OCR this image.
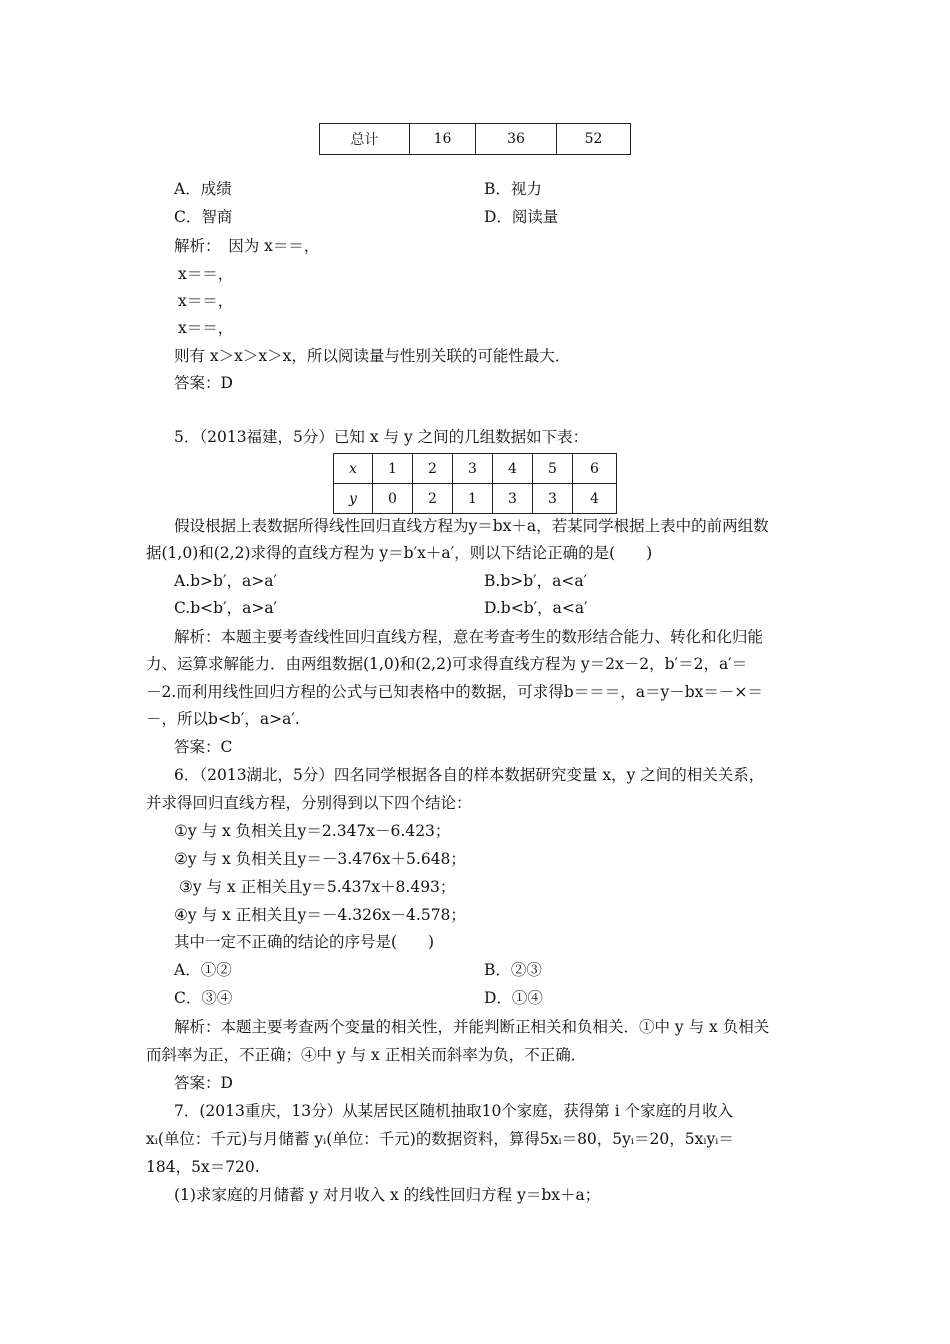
总计	16	36	52
A．成绩	B．视力
C．智商	D．阅读量
解析：　因为 x＝＝，
x＝＝，
x＝＝，
x＝＝，
则有 x＞x＞x＞x，所以阅读量与性别关联的可能性最大．
答案：D
5．（2013福建，5分）已知 x 与 y 之间的几组数据如下表：
x	1	2	3	4	5	6
y	0	2	1	3	3	4
假设根据上表数据所得线性回归直线方程为y＝bx＋a，若某同学根据上表中的前两组数
据(1,0)和(2,2)求得的直线方程为 y＝b′x＋a′，则以下结论正确的是(　　)
A.b>b′，a>a′	B.b>b′，a<a′
C.b<b′，a>a′	D.b<b′，a<a′
解析：本题主要考查线性回归直线方程，意在考查考生的数形结合能力、转化和化归能
力、运算求解能力．由两组数据(1,0)和(2,2)可求得直线方程为 y＝2x－2，b′＝2，a′＝
－2.而利用线性回归方程的公式与已知表格中的数据，可求得b＝＝＝，a＝y－bx＝－×＝
－，所以b<b′，a>a′.
答案：C
6．（2013湖北，5分）四名同学根据各自的样本数据研究变量 x，y 之间的相关关系，
并求得回归直线方程，分别得到以下四个结论：
①y 与 x 负相关且y＝2.347x－6.423；
②y 与 x 负相关且y＝－3.476x＋5.648；
③y 与 x 正相关且y＝5.437x＋8.493；
④y 与 x 正相关且y＝－4.326x－4.578；
其中一定不正确的结论的序号是(　　)
A．①②	B．②③
C．③④	D．①④
解析：本题主要考查两个变量的相关性，并能判断正相关和负相关．①中 y 与 x 负相关
而斜率为正，不正确；④中 y 与 x 正相关而斜率为负，不正确．
答案：D
7．(2013重庆，13分）从某居民区随机抽取10个家庭，获得第 i 个家庭的月收入
xᵢ(单位：千元)与月储蓄 yᵢ(单位：千元)的数据资料，算得5xᵢ＝80，5yᵢ＝20，5xᵢyᵢ＝
184，5x＝720.
(1)求家庭的月储蓄 y 对月收入 x 的线性回归方程 y＝bx＋a；
